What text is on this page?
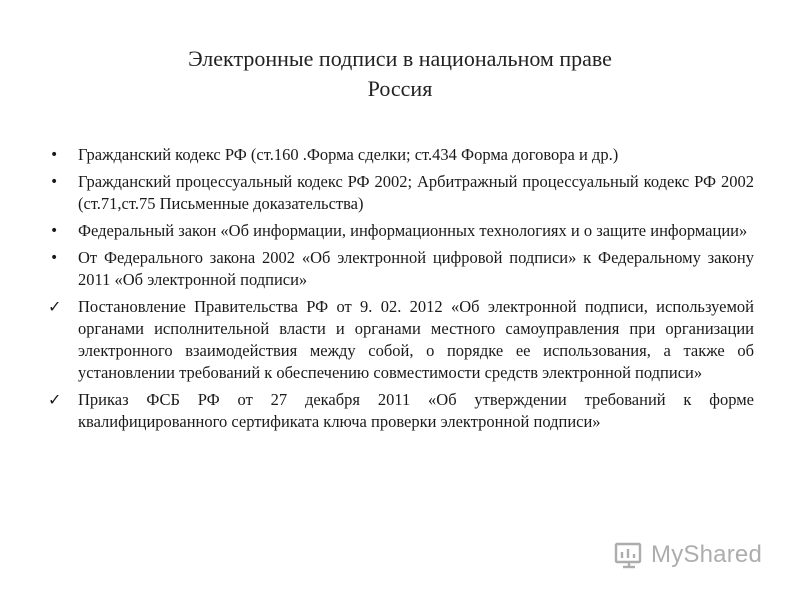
Электронные подписи в национальном праве
Россия
•	Гражданский кодекс РФ (ст.160 .Форма сделки; ст.434 Форма договора и др.)
•	Гражданский процессуальный кодекс РФ 2002; Арбитражный процессуальный кодекс РФ 2002 (ст.71,ст.75 Письменные доказательства)
•	Федеральный закон «Об информации, информационных технологиях и о защите информации»
•	От Федерального закона 2002 «Об электронной цифровой подписи» к Федеральному закону 2011 «Об электронной подписи»
✓	Постановление Правительства РФ от 9. 02. 2012 «Об электронной подписи, используемой органами исполнительной власти и органами местного самоуправления при организации электронного взаимодействия между собой, о порядке ее использования, а также об установлении требований к обеспечению совместимости средств электронной подписи»
✓	Приказ ФСБ РФ от 27 декабря 2011 «Об утверждении требований к форме квалифицированного сертификата ключа проверки электронной подписи»
MyShared
